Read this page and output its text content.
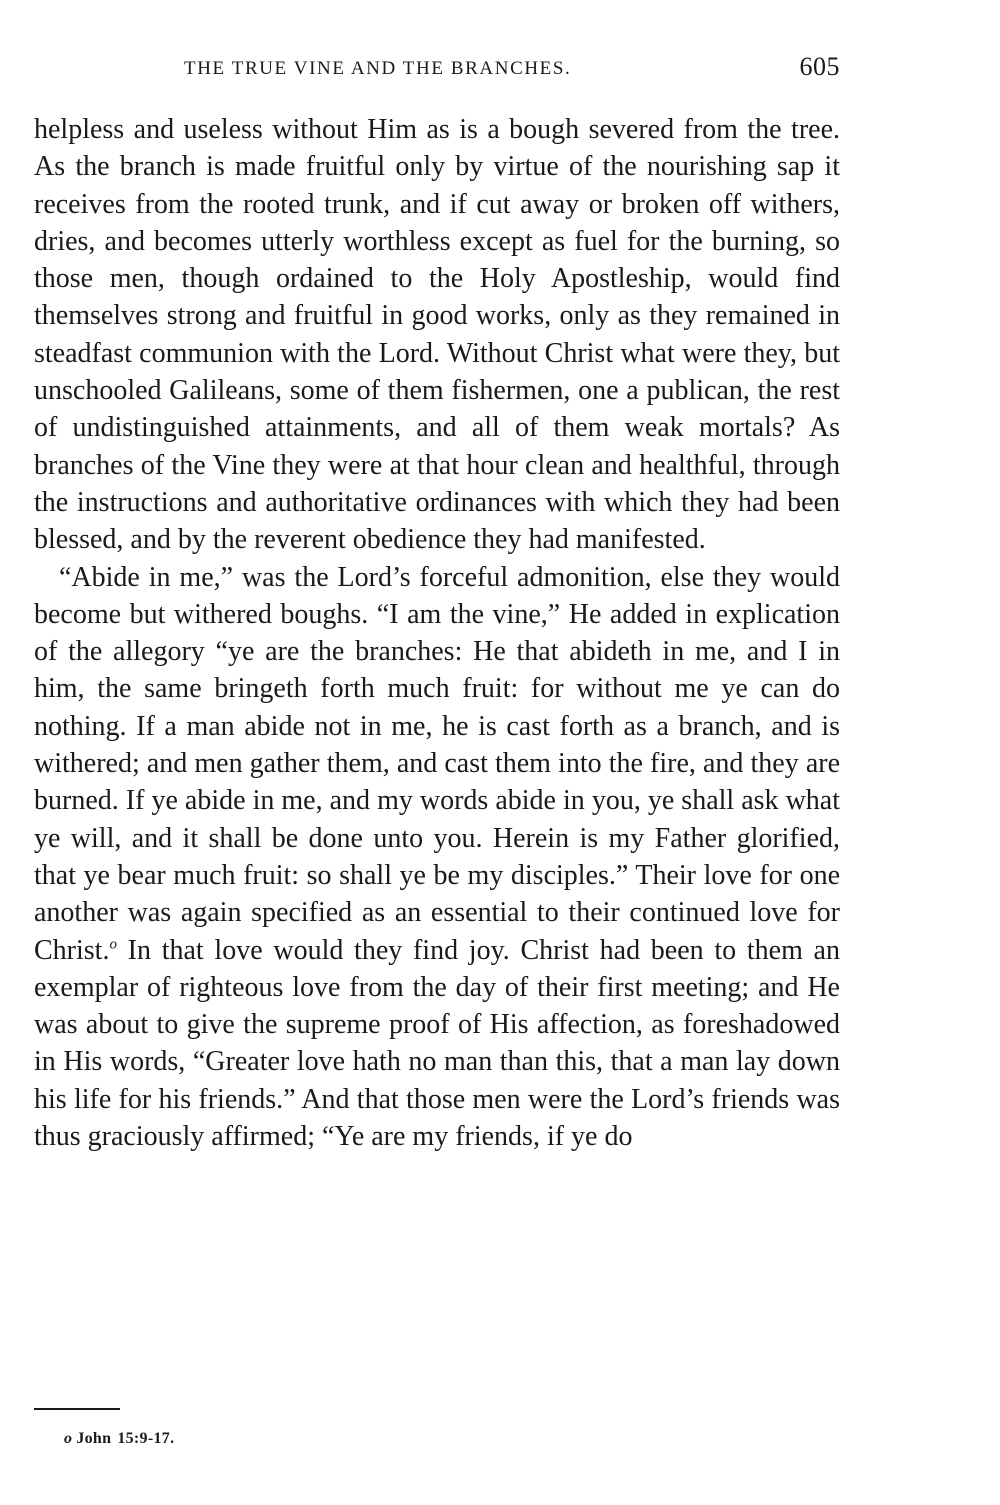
THE TRUE VINE AND THE BRANCHES.	605

helpless and useless without Him as is a bough severed from the tree. As the branch is made fruitful only by virtue of the nourishing sap it receives from the rooted trunk, and if cut away or broken off withers, dries, and becomes utterly worthless except as fuel for the burning, so those men, though ordained to the Holy Apostleship, would find themselves strong and fruitful in good works, only as they remained in steadfast communion with the Lord. Without Christ what were they, but unschooled Galileans, some of them fishermen, one a publican, the rest of undistinguished attainments, and all of them weak mortals? As branches of the Vine they were at that hour clean and healthful, through the instructions and authoritative ordinances with which they had been blessed, and by the reverent obedience they had manifested.

“Abide in me,” was the Lord’s forceful admonition, else they would become but withered boughs. “I am the vine,” He added in explication of the allegory “ye are the branches: He that abideth in me, and I in him, the same bringeth forth much fruit: for without me ye can do nothing. If a man abide not in me, he is cast forth as a branch, and is withered; and men gather them, and cast them into the fire, and they are burned. If ye abide in me, and my words abide in you, ye shall ask what ye will, and it shall be done unto you. Herein is my Father glorified, that ye bear much fruit: so shall ye be my disciples.” Their love for one another was again specified as an essential to their continued love for Christ.$^o$ In that love would they find joy. Christ had been to them an exemplar of righteous love from the day of their first meeting; and He was about to give the supreme proof of His affection, as foreshadowed in His words, “Greater love hath no man than this, that a man lay down his life for his friends.” And that those men were the Lord’s friends was thus graciously affirmed; “Ye are my friends, if ye do

o John 15:9-17.
